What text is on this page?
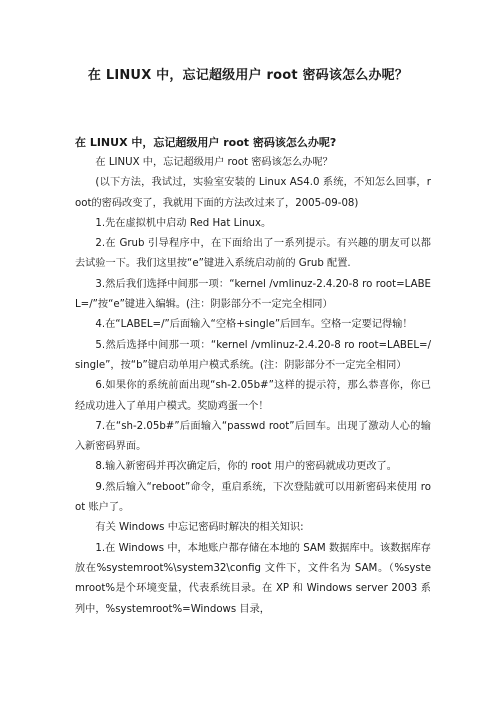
在 LINUX 中，忘记超级用户 root 密码该怎么办呢？

在 LINUX 中，忘记超级用户 root 密码该怎么办呢?

在 LINUX 中，忘记超级用户 root 密码该怎么办呢？

(以下方法，我试过，实验室安装的 Linux AS4.0 系统，不知怎么回事，root的密码改变了，我就用下面的方法改过来了，2005-09-08)

1.先在虚拟机中启动 Red Hat Linux。

2.在 Grub 引导程序中，在下面给出了一系列提示。有兴趣的朋友可以都去试验一下。我们这里按“e”键进入系统启动前的 Grub 配置.

3.然后我们选择中间那一项：“kernel /vmlinuz-2.4.20-8 ro root=LABEL=/”按“e”键进入编辑。(注：阴影部分不一定完全相同）

4.在“LABEL=/”后面输入“空格+single”后回车。空格一定要记得输！

5.然后选择中间那一项：“kernel /vmlinuz-2.4.20-8 ro root=LABEL=/ single”，按“b”键启动单用户模式系统。(注：阴影部分不一定完全相同）

6.如果你的系统前面出现“sh-2.05b#”这样的提示符，那么恭喜你，你已经成功进入了单用户模式。奖励鸡蛋一个！

7.在“sh-2.05b#”后面输入“passwd root”后回车。出现了激动人心的输入新密码界面。

8.输入新密码并再次确定后，你的 root 用户的密码就成功更改了。

9.然后输入“reboot”命令，重启系统，下次登陆就可以用新密码来使用 root 账户了。

有关 Windows 中忘记密码时解决的相关知识:

1.在 Windows 中，本地账户都存储在本地的 SAM 数据库中。该数据库存放在%systemroot%\system32\config 文件下，文件名为 SAM。（%systemroot%是个环境变量，代表系统目录。在 XP 和 Windows server 2003 系列中，%systemroot%=Windows 目录，
